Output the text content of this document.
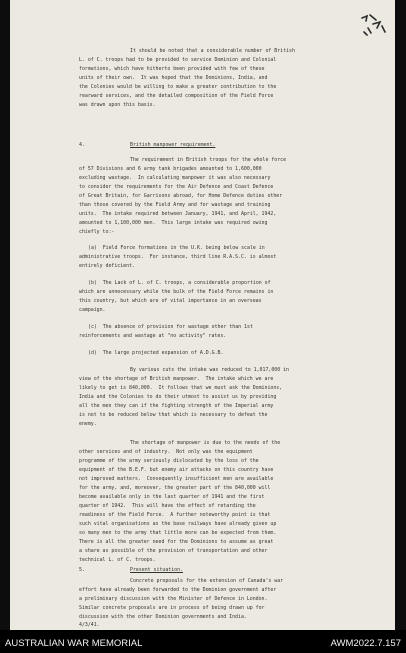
It should be noted that a considerable number of British
L. of C. troops had to be provided to service Dominion and Colonial
formations, which have hitherto been provided with few of these
units of their own.  It was hoped that the Dominions, India, and
the Colonies would be willing to make a greater contribution to the
rearward services, and the detailed composition of the Field Force
was drawn upon this basis.
4.	British manpower requirement.
The requirement in British troops for the whole force
of 57 Divisions and 6 army tank brigades amounted to 1,600,000
excluding wastage.  In calculating manpower it was also necessary
to consider the requirements for the Air Defence and Coast Defence
of Great Britain, for Garrisons abroad, for Home Defence duties other
than those covered by the Field Army and for wastage and training
units.  The intake required between January, 1941, and April, 1942,
amounted to 1,100,000 men.  This large intake was required owing
chiefly to:-
(a)  Field Force formations in the U.K. being below scale in
administrative troops.  For instance, third line R.A.S.C. is almost
entirely deficient.
(b)  The Lack of L. of C. troops, a considerable proportion of
which are unnecessary while the bulk of the Field Force remains in
this country, but which are of vital importance in an overseas
campaign.
(c)  The absence of provision for wastage other than 1st
reinforcements and wastage at "no activity" rates.
(d)  The large projected expansion of A.D.G.B.
By various cuts the intake was reduced to 1,017,000 in
view of the shortage of British manpower.  The intake which we are
likely to get is 840,000.  It follows that we must ask the Dominions,
India and the Colonies to do their utmost to assist us by providing
all the men they can if the fighting strength of the Imperial army
is not to be reduced below that which is necessary to defeat the
enemy.
The shortage of manpower is due to the needs of the
other services and of industry.  Not only was the equipment
programme of the army seriously dislocated by the loss of the
equipment of the B.E.F. but enemy air attacks on this country have
not improved matters.  Consequently insufficient men are available
for the army, and, moreover, the greater part of the 840,000 will
become available only in the last quarter of 1941 and the first
quarter of 1942.  This will have the effect of retarding the
readiness of the Field Force.  A further noteworthy point is that
such vital organisations as the base railways have already given up
so many men to the army that little more can be expected from them.
There is all the greater need for the Dominions to assume as great
a share as possible of the provision of transportation and other
technical L. of C. troops.
5.	Present situation.
Concrete proposals for the extension of Canada's war
effort have already been forwarded to the Dominion government after
a preliminary discussion with the Minister of Defence in London.
Similar concrete proposals are in process of being drawn up for
discussion with the other Dominion governments and India.
4/3/41.
AUSTRALIAN WAR MEMORIAL	AWM2022.7.157
